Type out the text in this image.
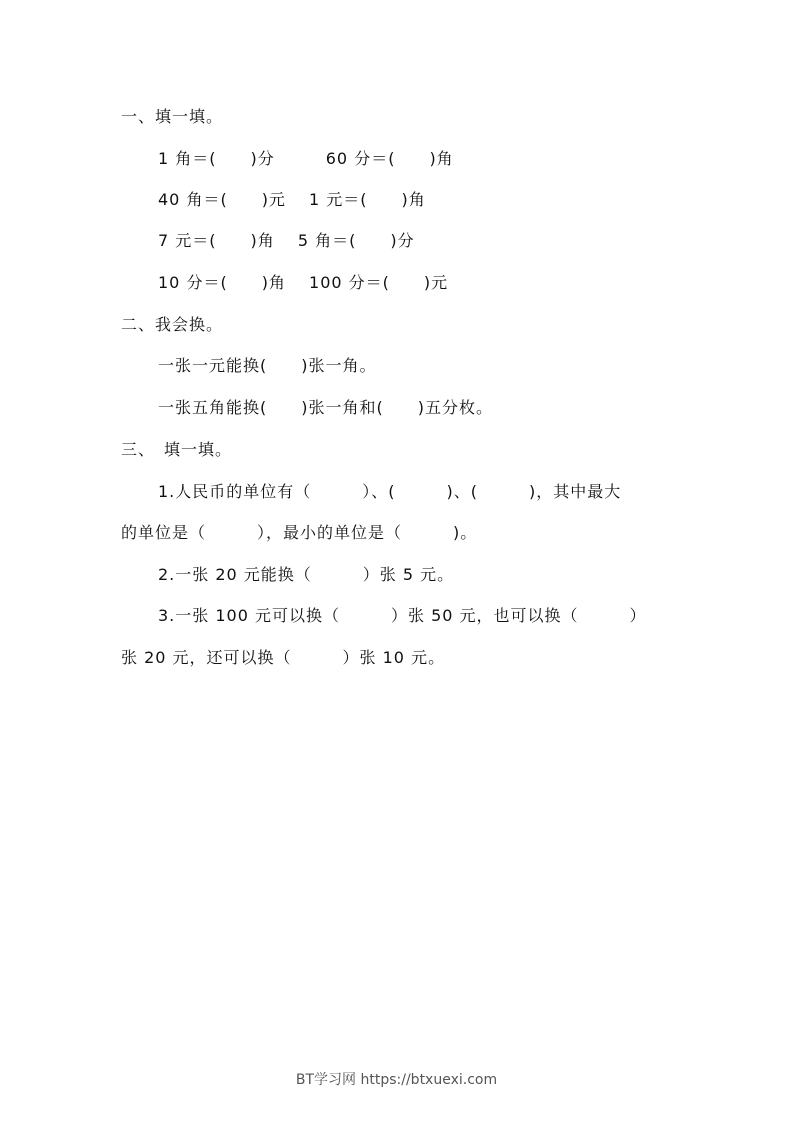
一、填一填。
1 角＝(　　)分　　　60 分＝(　　)角
40 角＝(　　)元　 1 元＝(　　)角
7 元＝(　　)角　 5 角＝(　　)分
10 分＝(　　)角　 100 分＝(　　)元
二、我会换。
一张一元能换(　　)张一角。
一张五角能换(　　)张一角和(　　)五分枚。
三、　填一填。
1.人民币的单位有（　　　）、(　　　)、(　　　)，其中最大
的单位是（　　　），最小的单位是（　　　)。
2.一张 20 元能换（　　　）张 5 元。
3.一张 100 元可以换（　　　）张 50 元，也可以换（　　　）
张 20 元，还可以换（　　　）张 10 元。
BT学习网 https://btxuexi.com
